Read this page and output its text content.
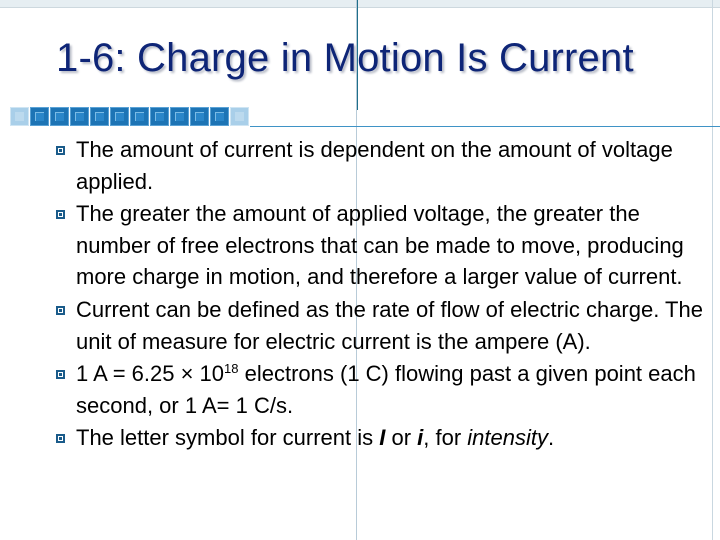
1-6: Charge in Motion Is Current
The amount of current is dependent on the amount of voltage applied.
The greater the amount of applied voltage, the greater the number of free electrons that can be made to move, producing more charge in motion, and therefore a larger value of current.
Current can be defined as the rate of flow of electric charge. The unit of measure for electric current is the ampere (A).
1 $A = 6.25 \times 10^{18}$ electrons (1 C) flowing past a given point each second, or 1 A= 1 C/s.
The letter symbol for current is I or i, for intensity.
